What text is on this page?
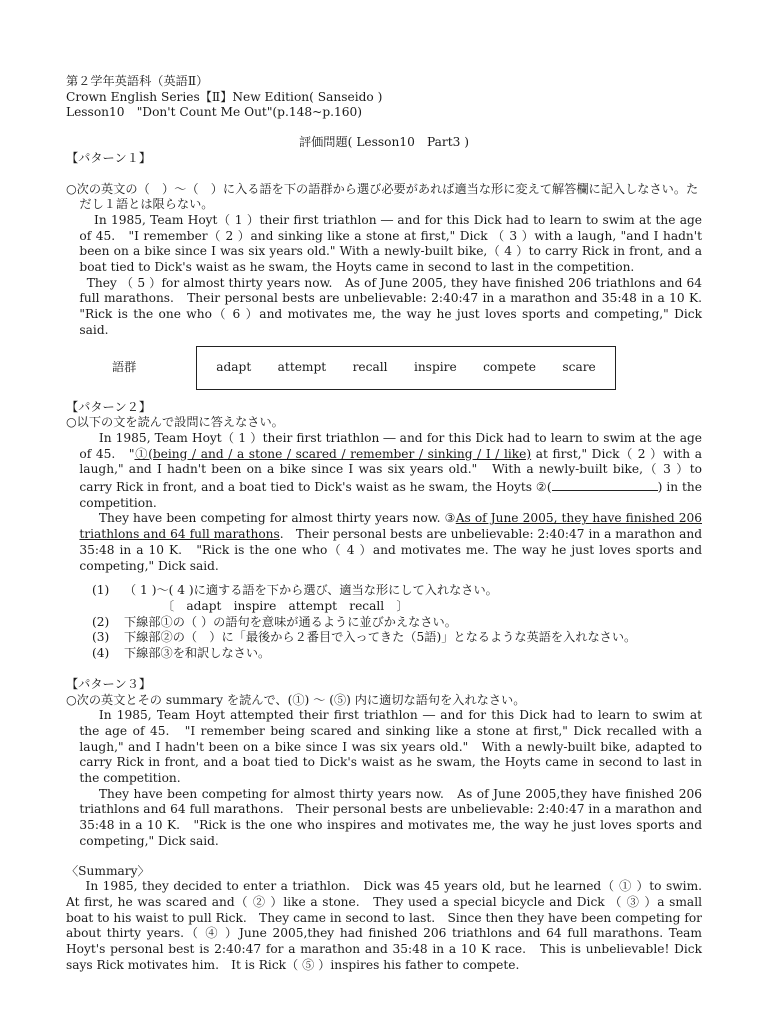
第２学年英語科（英語Ⅱ）
Crown English Series【Ⅱ】New Edition( Sanseido )
Lesson10　"Don't Count Me Out"(p.148~p.160)
評価問題( Lesson10　Part3 )
【パターン１】
○次の英文の（　）～（　）に入る語を下の語群から選び必要があれば適当な形に変えて解答欄に記入しなさい。ただし１語とは限らない。
In 1985, Team Hoyt（ 1 ）their first triathlon ― and for this Dick had to learn to swim at the age of 45.　"I remember（ 2 ）and sinking like a stone at first," Dick （ 3 ）with a laugh, "and I hadn't been on a bike since I was six years old." With a newly-built bike,（ 4 ）to carry Rick in front, and a boat tied to Dick's waist as he swam, the Hoyts came in second to last in the competition.
They （ 5 ）for almost thirty years now.　As of June 2005, they have finished 206 triathlons and 64 full marathons.　Their personal bests are unbelievable: 2:40:47 in a marathon and 35:48 in a 10 K. "Rick is the one who（ 6 ）and motivates me, the way he just loves sports and competing," Dick said.
語群	adapt attempt recall inspire compete scare
【パターン２】
○以下の文を読んで設問に答えなさい。
In 1985, Team Hoyt（ 1 ）their first triathlon ― and for this Dick had to learn to swim at the age of 45.　"①(being / and / a stone / scared / remember / sinking / I / like) at first," Dick（ 2 ）with a laugh," and I hadn't been on a bike since I was six years old."　With a newly-built bike,（ 3 ）to carry Rick in front, and a boat tied to Dick's waist as he swam, the Hoyts ②(	) in the competition.
They have been competing for almost thirty years now. ③As of June 2005, they have finished 206 triathlons and 64 full marathons.　Their personal bests are unbelievable: 2:40:47 in a marathon and 35:48 in a 10 K.　"Rick is the one who（ 4 ）and motivates me. The way he just loves sports and competing," Dick said.
(1)	（ 1 )～( 4 )に適する語を下から選び、適当な形にして入れなさい。
〔　adapt　inspire　attempt　recall　〕
(2)	下線部①の（ ）の語句を意味が通るように並びかえなさい。
(3)	下線部②の（　）に「最後から２番目で入ってきた（5語)」となるような英語を入れなさい。
(4)	下線部③を和訳しなさい。
【パターン３】
○次の英文とその summary を読んで、(①) ～ (⑤) 内に適切な語句を入れなさい。
In 1985, Team Hoyt attempted their first triathlon ― and for this Dick had to learn to swim at the age of 45.　"I remember being scared and sinking like a stone at first," Dick recalled with a laugh," and I hadn't been on a bike since I was six years old."　With a newly-built bike, adapted to carry Rick in front, and a boat tied to Dick's waist as he swam, the Hoyts came in second to last in the competition.
They have been competing for almost thirty years now.　As of June 2005,they have finished 206 triathlons and 64 full marathons.　Their personal bests are unbelievable: 2:40:47 in a marathon and 35:48 in a 10 K.　"Rick is the one who inspires and motivates me, the way he just loves sports and competing," Dick said.
〈Summary〉
In 1985, they decided to enter a triathlon.　Dick was 45 years old, but he learned（ ① ）to swim. At first, he was scared and（ ② ）like a stone.　They used a special bicycle and Dick （ ③ ）a small boat to his waist to pull Rick.　They came in second to last.　Since then they have been competing for about thirty years.（ ④ ）June 2005,they had finished 206 triathlons and 64 full marathons. Team Hoyt's personal best is 2:40:47 for a marathon and 35:48 in a 10 K race.　This is unbelievable! Dick says Rick motivates him.　It is Rick（ ⑤ ）inspires his father to compete.
